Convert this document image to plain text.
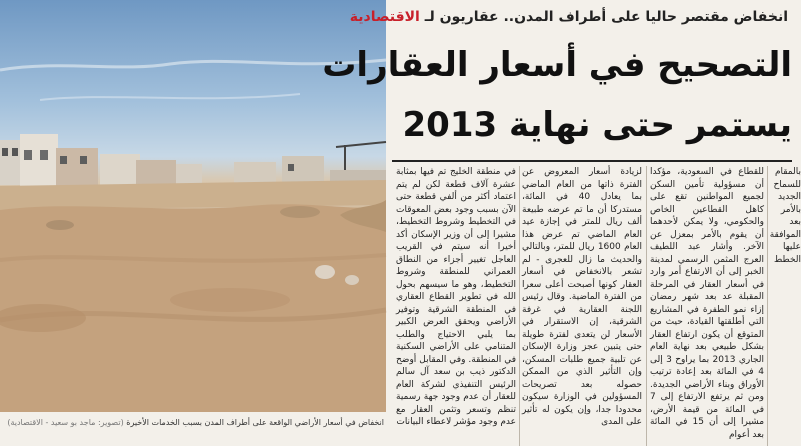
انخفاض في أسعار الأراضي الواقعة على أطراف المدن بسبب الخدمات الأخيرة (تصوير: ماجد بو سعيد - الاقتصادية)
انخفاض مقتصر حاليا على أطراف المدن.. عقاريون لـ الاقتصادية
التصحيح في أسعار العقارات
يستمر حتى نهاية 2013
بالمقام للسماح الجديد بالأمر بعد الموافقة عليها الخطط
للقطاع في السعودية، مؤكدا أن مسؤولية تأمين السكن لجميع المواطنين تقع على كاهل القطاعين الخاص والحكومي، ولا يمكن لأحدهما أن يقوم بالأمر بمعزل عن الآخر. وأشار عبد اللطيف العرج المثمن الرسمي لمدينة الخبر إلى أن الارتفاع أمر وارد في أسعار العقار في المرحلة المقبلة عد بعد شهر رمضان إزاء نمو الطفرة في المشاريع التي أطلقتها القيادة، حيث من المتوقع أن يكون ارتفاع العقار بشكل طبيعي بعد نهاية العام الجاري 2013 بما يراوح 3 إلى 4 في المائة بعد إعادة ترتيب الأوراق وبناء الأراضي الجديدة. ومن ثم يرتفع الارتفاع إلى 7 في المائة من قيمة الأرض، مشيرا إلى أن 15 في المائة بعد أعوام
لزيادة أسعار المعروض عن الفترة ذاتها من العام الماضي بما يعادل 40 في المائة، مستدركا أن ما تم عرضه طبيعة ألف ريال للمتر في إجازة عيد العام الماضي تم عرض هذا العام 1600 ريال للمتر، وبالتالي والحديث ما زال للعجرى - لم تشعر بالانخفاض في أسعار العقار كونها أصبحت أعلى سعرا من الفترة الماضية. وقال رئيس اللجنة العقارية في غرفة الشرقية، إن الاستقرار في الأسعار لن يتعدى لفترة طويلة حتى يتبين عجز وزارة الإسكان عن تلبية جميع طلبات المسكن، وإن التأثير الذي من الممكن حصوله بعد تصريحات المسؤولين في الوزارة سيكون محدودا جدا، وإن يكون له تأثير على المدى
في منطقة الخليج تم فيها بمثابة عشرة آلاف قطعة لكن لم يتم اعتماد أكثر من ألفي قطعة حتى الآن بسبب وجود بعض المعوقات في التخطيط وشروط التخطيط، مشيرا إلى أن وزير الإسكان أكد أخيرا أنه سيتم في القريب العاجل تغيير أجزاء من النطاق العمراني للمنطقة وشروط التخطيط، وهو ما سيسهم بحول الله في تطوير القطاع العقاري في المنطقة الشرقية وتوفير الأراضي ويحقق العرض الكبير بما يلبي الاحتياج والطلب المتنامي على الأراضي السكنية في المنطقة. وفي المقابل أوضح الدكتور ذيب بن سعد آل سالم الرئيس التنفيذي لشركة العام للعقار أن عدم وجود جهة رسمية تنظم وتسعر وتثمن العقار مع عدم وجود مؤشر لاعطاء البيانات
